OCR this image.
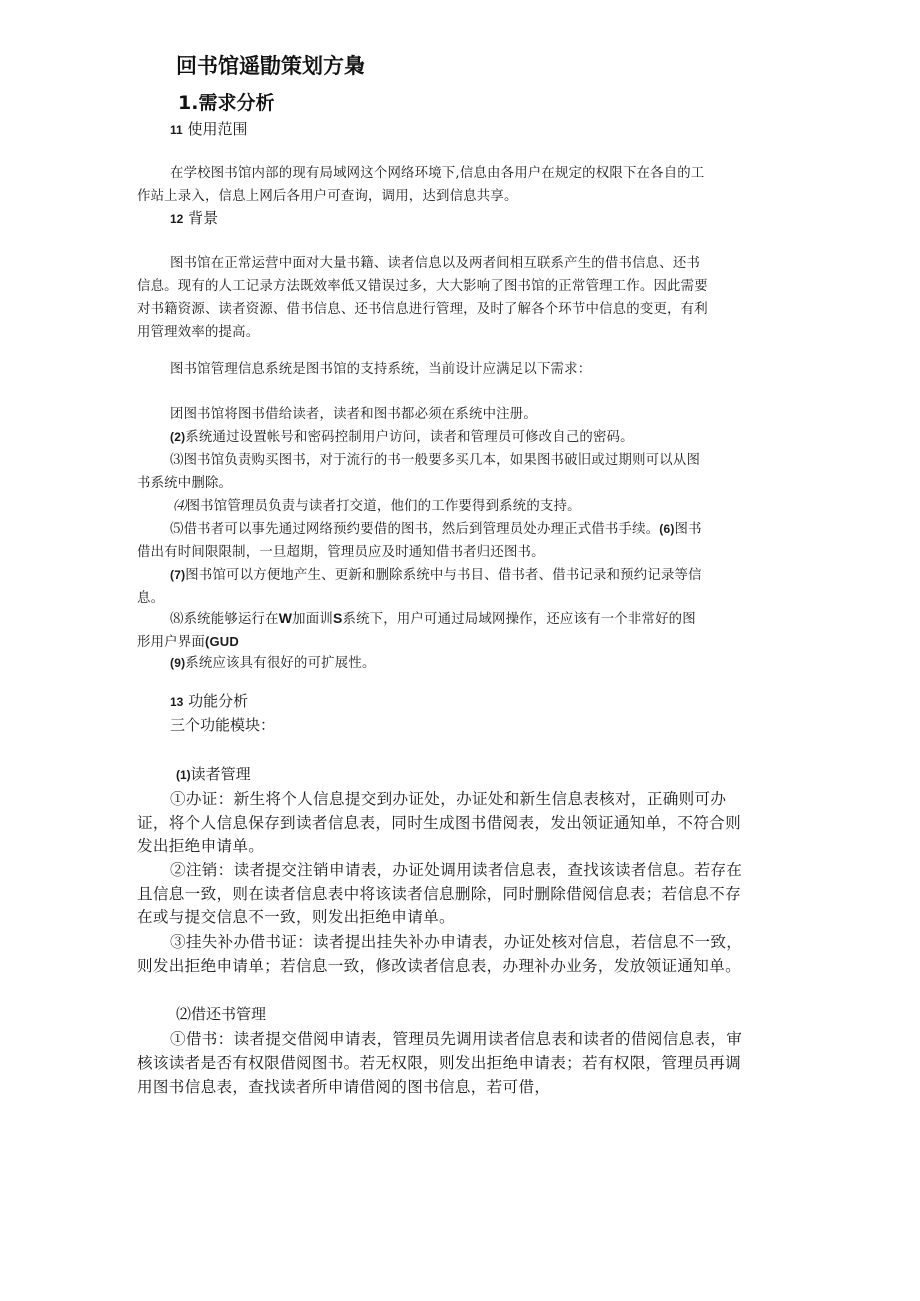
回书馆遥勖策划方梟
1.需求分析
11 使用范围
在学校图书馆内部的现有局域网这个网络环境下,信息由各用户在规定的权限下在各自的工
作站上录入，信息上网后各用户可查询，调用，达到信息共享。
12 背景
图书馆在正常运营中面对大量书籍、读者信息以及两者间相互联系产生的借书信息、还书
信息。现有的人工记录方法既效率低又错误过多，大大影响了图书馆的正常管理工作。因此需要
对书籍资源、读者资源、借书信息、还书信息进行管理，及时了解各个环节中信息的变更，有利
用管理效率的提高。
图书馆管理信息系统是图书馆的支持系统，当前设计应满足以下需求：
团图书馆将图书借给读者，读者和图书都必须在系统中注册。
(2)系统通过设置帐号和密码控制用户访问，读者和管理员可修改自己的密码。
⑶图书馆负责购买图书，对于流行的书一般要多买几本，如果图书破旧或过期则可以从图
书系统中删除。
⑷图书馆管理员负责与读者打交道，他们的工作要得到系统的支持。
⑸借书者可以事先通过网络预约要借的图书，然后到管理员处办理正式借书手续。(6)图书
借出有时间限限制，一旦超期，管理员应及时通知借书者归还图书。
(7)图书馆可以方便地产生、更新和删除系统中与书目、借书者、借书记录和预约记录等信
息。
⑻系统能够运行在W加面训S系统下，用户可通过局域网操作，还应该有一个非常好的图
形用户界面(GUD
(9)系统应该具有很好的可扩展性。
13 功能分析
三个功能模块：
(1)读者管理
①办证：新生将个人信息提交到办证处，办证处和新生信息表核对，正确则可办
证，将个人信息保存到读者信息表，同时生成图书借阅表，发出领证通知单，不符合则
发出拒绝申请单。
②注销：读者提交注销申请表，办证处调用读者信息表，查找该读者信息。若存在
且信息一致，则在读者信息表中将该读者信息删除，同时删除借阅信息表；若信息不存
在或与提交信息不一致，则发出拒绝申请单。
③挂失补办借书证：读者提出挂失补办申请表，办证处核对信息，若信息不一致，
则发出拒绝申请单；若信息一致，修改读者信息表，办理补办业务，发放领证通知单。
⑵借还书管理
①借书：读者提交借阅申请表，管理员先调用读者信息表和读者的借阅信息表，审
核该读者是否有权限借阅图书。若无权限，则发出拒绝申请表；若有权限，管理员再调
用图书信息表，查找读者所申请借阅的图书信息，若可借，
